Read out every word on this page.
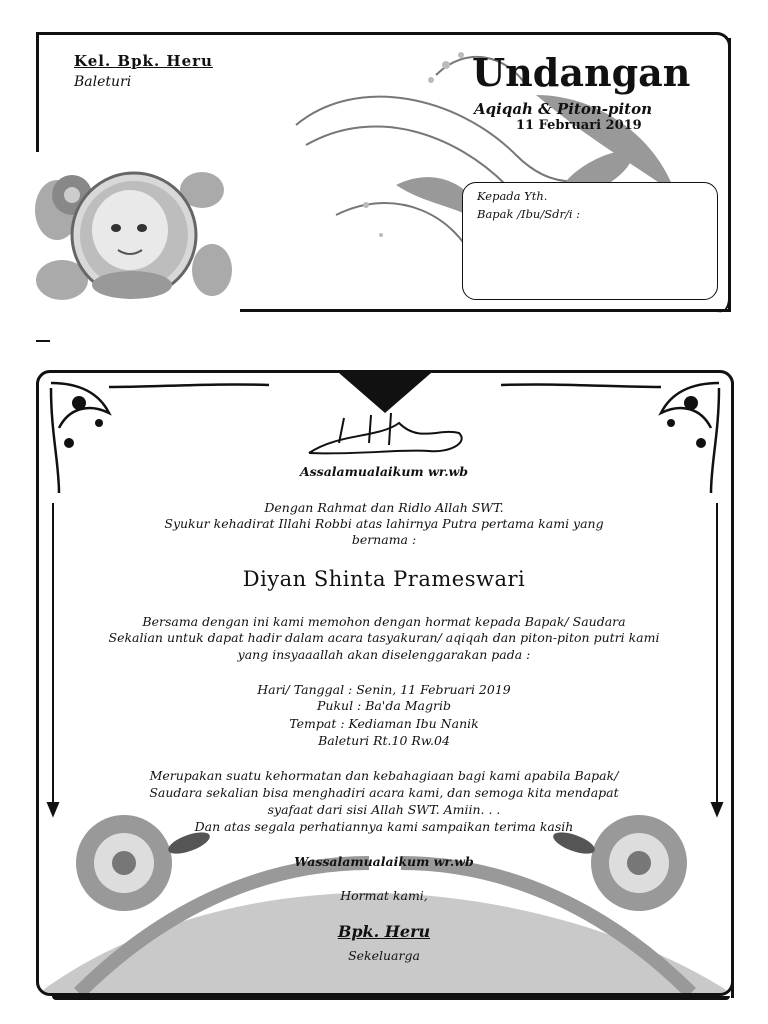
Kel. Bpk. Heru
Baleturi	Undangan
Aqiqah & Piton-piton
11 Februari 2019
Kepada Yth.
Bapak /Ibu/Sdr/i :
Assalamualaikum wr.wb
Dengan Rahmat dan Ridlo Allah SWT.
Syukur kehadirat Illahi Robbi atas lahirnya Putra pertama kami yang
bernama :
Diyan Shinta Prameswari
Bersama dengan ini kami memohon dengan hormat kepada Bapak/ Saudara
Sekalian untuk dapat hadir dalam acara tasyakuran/ aqiqah dan piton-piton putri kami
yang insyaaallah akan diselenggarakan pada :
Hari/ Tanggal : Senin, 11 Februari 2019
Pukul : Ba'da Magrib
Tempat : Kediaman Ibu Nanik
Baleturi Rt.10 Rw.04
Merupakan suatu kehormatan dan kebahagiaan bagi kami apabila Bapak/
Saudara sekalian bisa menghadiri acara kami, dan semoga kita mendapat
syafaat dari sisi Allah SWT. Amiin. . .
Dan atas segala perhatiannya kami sampaikan terima kasih
Wassalamualaikum wr.wb
Hormat kami,
Bpk. Heru
Sekeluarga
